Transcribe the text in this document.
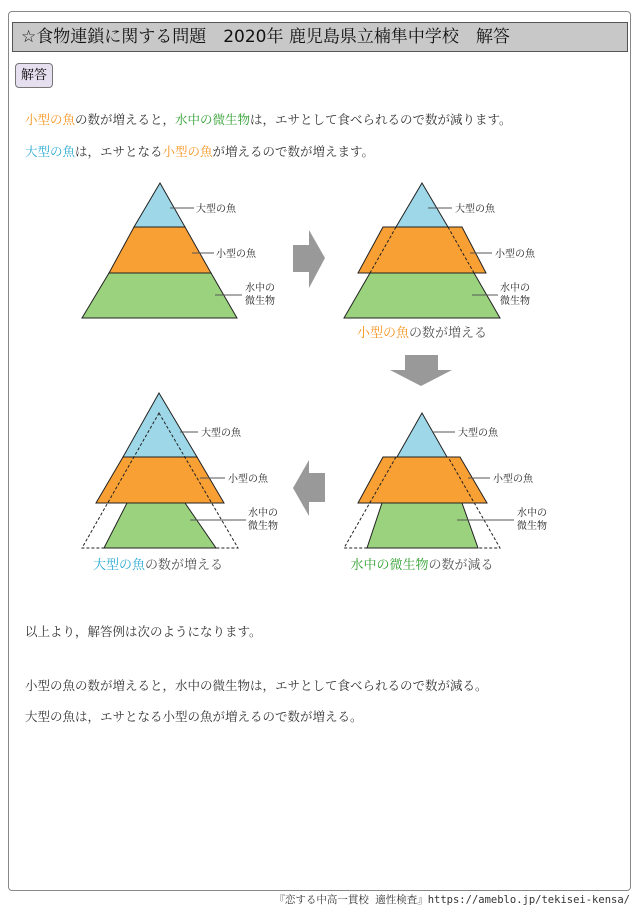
☆食物連鎖に関する問題　2020年 鹿児島県立楠隼中学校　解答
解答
小型の魚の数が増えると，水中の微生物は，エサとして食べられるので数が減ります。
大型の魚は，エサとなる小型の魚が増えるので数が増えます。
大型の魚
小型の魚
水中の
微生物
大型の魚
小型の魚
水中の
微生物
大型の魚
小型の魚
水中の
微生物
大型の魚
小型の魚
水中の
微生物
小型の魚の数が増える
水中の微生物の数が減る
大型の魚の数が増える
以上より，解答例は次のようになります。
小型の魚の数が増えると，水中の微生物は，エサとして食べられるので数が減る。
大型の魚は，エサとなる小型の魚が増えるので数が増える。
『恋する中高一貫校 適性検査』https://ameblo.jp/tekisei-kensa/
